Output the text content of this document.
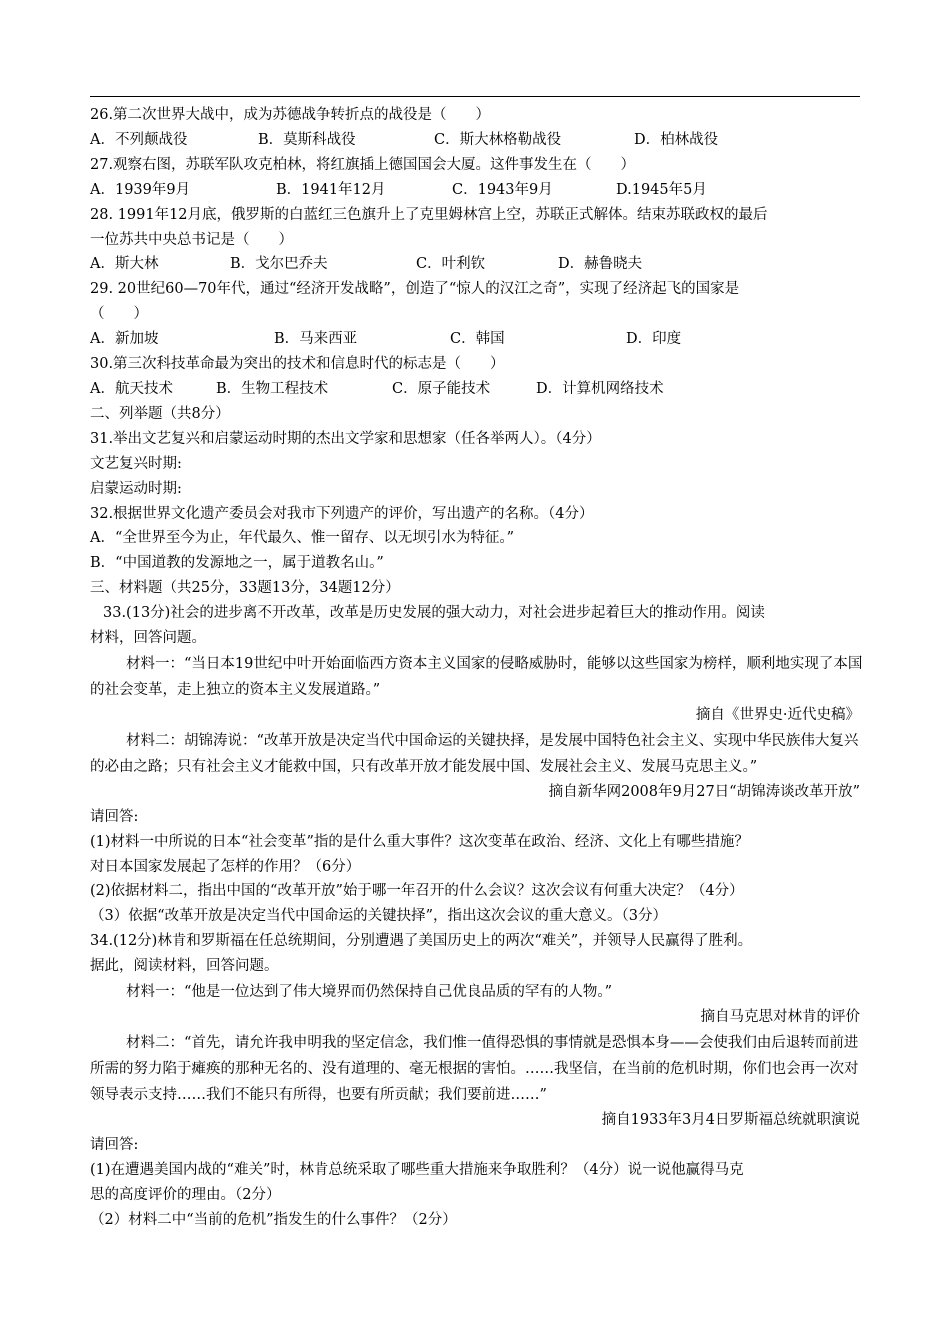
26.第二次世界大战中，成为苏德战争转折点的战役是（　　）
A．不列颠战役	B．莫斯科战役	C．斯大林格勒战役	D．柏林战役
27.观察右图，苏联军队攻克柏林，将红旗插上德国国会大厦。这件事发生在（　　）
A．1939年9月	B．1941年12月	C．1943年9月	D.1945年5月
28. 1991年12月底，俄罗斯的白蓝红三色旗升上了克里姆林宫上空，苏联正式解体。结束苏联政权的最后
一位苏共中央总书记是（　　）
A．斯大林	B．戈尔巴乔夫	C．叶利钦	D．赫鲁晓夫
29. 20世纪60—70年代，通过“经济开发战略”，创造了“惊人的汉江之奇”，实现了经济起飞的国家是
（　　）
A．新加坡	B．马来西亚	C．韩国	D．印度
30.第三次科技革命最为突出的技术和信息时代的标志是（　　）
A．航天技术	B．生物工程技术	C．原子能技术	D．计算机网络技术
二、列举题（共8分）
31.举出文艺复兴和启蒙运动时期的杰出文学家和思想家（任各举两人）。（4分）
文艺复兴时期:
启蒙运动时期:
32.根据世界文化遗产委员会对我市下列遗产的评价，写出遗产的名称。（4分）
A．“全世界至今为止，年代最久、惟一留存、以无坝引水为特征。”
B．“中国道教的发源地之一，属于道教名山。”
三、材料题（共25分，33题13分，34题12分）
33.(13分)社会的进步离不开改革，改革是历史发展的强大动力，对社会进步起着巨大的推动作用。阅读
材料，回答问题。
材料一：“当日本19世纪中叶开始面临西方资本主义国家的侵略威胁时，能够以这些国家为榜样，顺利地实现了本国的社会变革，走上独立的资本主义发展道路。”
摘自《世界史·近代史稿》
材料二：胡锦涛说：“改革开放是决定当代中国命运的关键抉择，是发展中国特色社会主义、实现中华民族伟大复兴的必由之路；只有社会主义才能救中国，只有改革开放才能发展中国、发展社会主义、发展马克思主义。”
摘自新华网2008年9月27日“胡锦涛谈改革开放”
请回答:
(1)材料一中所说的日本“社会变革”指的是什么重大事件？这次变革在政治、经济、文化上有哪些措施？
对日本国家发展起了怎样的作用？（6分）
(2)依据材料二，指出中国的“改革开放”始于哪一年召开的什么会议？这次会议有何重大决定？（4分）
（3）依据“改革开放是决定当代中国命运的关键抉择”，指出这次会议的重大意义。（3分）
34.(12分)林肯和罗斯福在任总统期间，分别遭遇了美国历史上的两次“难关”，并领导人民赢得了胜利。
据此，阅读材料，回答问题。
材料一：“他是一位达到了伟大境界而仍然保持自己优良品质的罕有的人物。”
摘自马克思对林肯的评价
材料二：“首先，请允许我申明我的坚定信念，我们惟一值得恐惧的事情就是恐惧本身——会使我们由后退转而前进所需的努力陷于瘫痪的那种无名的、没有道理的、毫无根据的害怕。……我坚信，在当前的危机时期，你们也会再一次对领导表示支持……我们不能只有所得，也要有所贡献；我们要前进……”
摘自1933年3月4日罗斯福总统就职演说
请回答:
(1)在遭遇美国内战的“难关”时，林肯总统采取了哪些重大措施来争取胜利？（4分）说一说他赢得马克
思的高度评价的理由。（2分）
（2）材料二中“当前的危机”指发生的什么事件？（2分）
